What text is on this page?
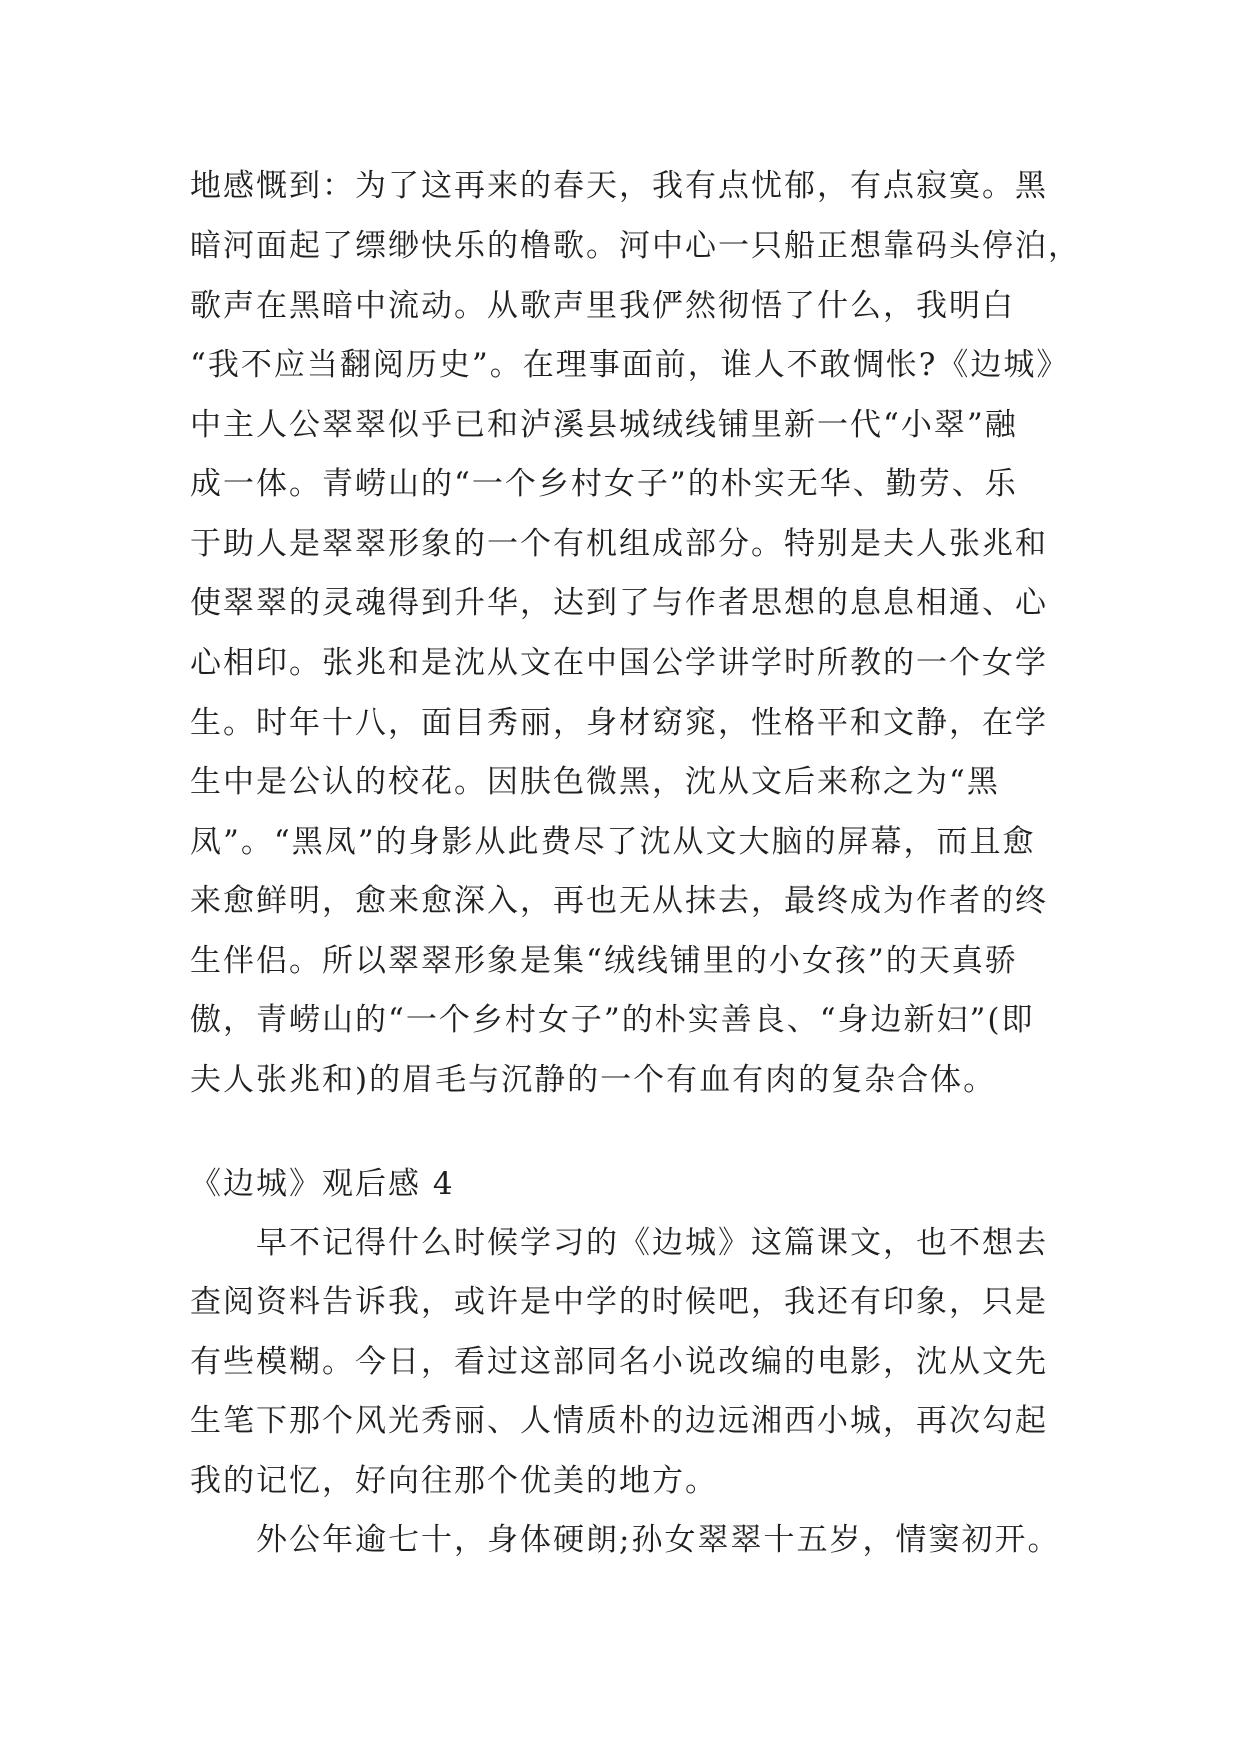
地感慨到：为了这再来的春天，我有点忧郁，有点寂寞。黑
暗河面起了缥缈快乐的橹歌。河中心一只船正想靠码头停泊，
歌声在黑暗中流动。从歌声里我俨然彻悟了什么，我明白
“我不应当翻阅历史”。在理事面前，谁人不敢惆怅?《边城》
中主人公翠翠似乎已和泸溪县城绒线铺里新一代“小翠”融
成一体。青崂山的“一个乡村女子”的朴实无华、勤劳、乐
于助人是翠翠形象的一个有机组成部分。特别是夫人张兆和
使翠翠的灵魂得到升华，达到了与作者思想的息息相通、心
心相印。张兆和是沈从文在中国公学讲学时所教的一个女学
生。时年十八，面目秀丽，身材窈窕，性格平和文静，在学
生中是公认的校花。因肤色微黑，沈从文后来称之为“黑
凤”。“黑凤”的身影从此费尽了沈从文大脑的屏幕，而且愈
来愈鲜明，愈来愈深入，再也无从抹去，最终成为作者的终
生伴侣。所以翠翠形象是集“绒线铺里的小女孩”的天真骄
傲，青崂山的“一个乡村女子”的朴实善良、“身边新妇”(即
夫人张兆和)的眉毛与沉静的一个有血有肉的复杂合体。
《边城》观后感 4
早不记得什么时候学习的《边城》这篇课文，也不想去
查阅资料告诉我，或许是中学的时候吧，我还有印象，只是
有些模糊。今日，看过这部同名小说改编的电影，沈从文先
生笔下那个风光秀丽、人情质朴的边远湘西小城，再次勾起
我的记忆，好向往那个优美的地方。
外公年逾七十，身体硬朗;孙女翠翠十五岁，情窦初开。
